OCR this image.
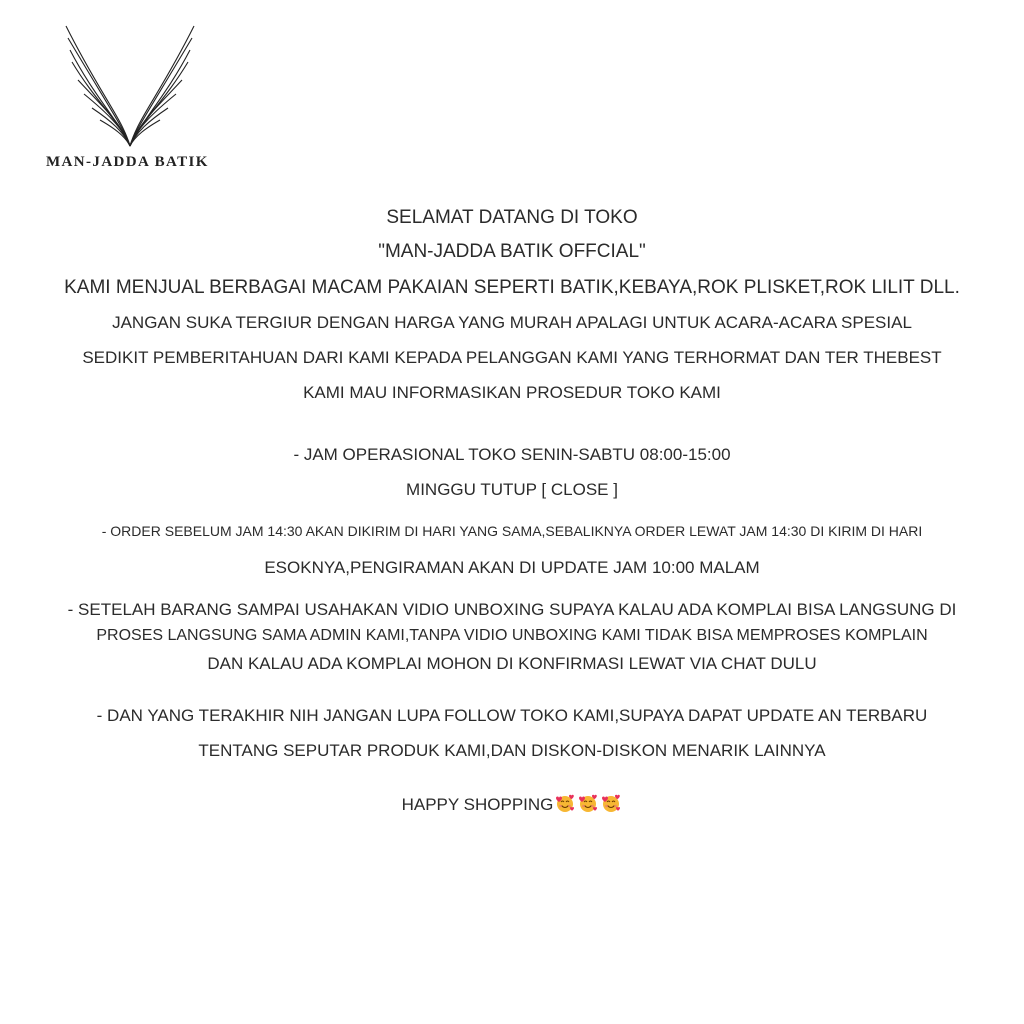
MAN-JADDA BATIK
SELAMAT DATANG DI TOKO
"MAN-JADDA BATIK OFFCIAL"
KAMI MENJUAL BERBAGAI MACAM PAKAIAN SEPERTI BATIK,KEBAYA,ROK PLISKET,ROK LILIT DLL.
JANGAN SUKA TERGIUR DENGAN HARGA YANG MURAH APALAGI UNTUK ACARA-ACARA SPESIAL
SEDIKIT PEMBERITAHUAN DARI KAMI KEPADA PELANGGAN KAMI YANG TERHORMAT DAN TER THEBEST
KAMI MAU INFORMASIKAN PROSEDUR TOKO KAMI
- JAM OPERASIONAL TOKO SENIN-SABTU 08:00-15:00
MINGGU TUTUP [ CLOSE ]
- ORDER SEBELUM JAM 14:30 AKAN DIKIRIM DI HARI YANG SAMA,SEBALIKNYA ORDER LEWAT JAM 14:30 DI KIRIM DI HARI
ESOKNYA,PENGIRAMAN AKAN DI UPDATE JAM 10:00 MALAM
- SETELAH BARANG SAMPAI USAHAKAN VIDIO UNBOXING SUPAYA KALAU ADA KOMPLAI BISA LANGSUNG DI
PROSES LANGSUNG SAMA ADMIN KAMI,TANPA VIDIO UNBOXING KAMI TIDAK BISA MEMPROSES KOMPLAIN
DAN KALAU ADA KOMPLAI MOHON DI KONFIRMASI LEWAT VIA CHAT DULU
- DAN YANG TERAKHIR NIH JANGAN LUPA FOLLOW TOKO KAMI,SUPAYA DAPAT UPDATE AN TERBARU
TENTANG SEPUTAR PRODUK KAMI,DAN DISKON-DISKON MENARIK LAINNYA
HAPPY SHOPPING
